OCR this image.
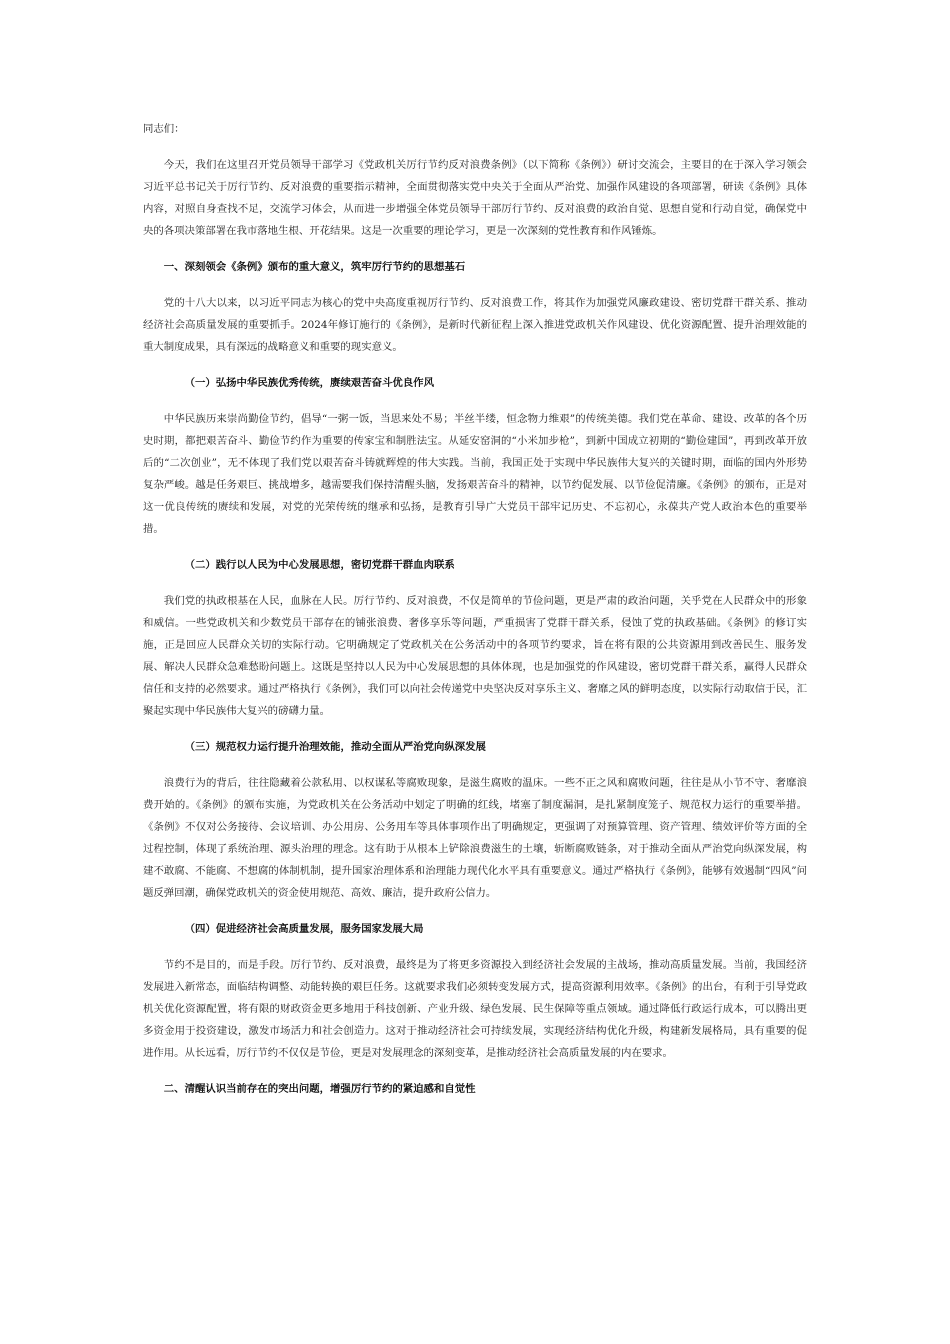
同志们：

今天，我们在这里召开党员领导干部学习《党政机关厉行节约反对浪费条例》（以下简称《条例》）研讨交流会，主要目的在于深入学习领会习近平总书记关于厉行节约、反对浪费的重要指示精神，全面贯彻落实党中央关于全面从严治党、加强作风建设的各项部署，研读《条例》具体内容，对照自身查找不足，交流学习体会，从而进一步增强全体党员领导干部厉行节约、反对浪费的政治自觉、思想自觉和行动自觉，确保党中央的各项决策部署在我市落地生根、开花结果。这是一次重要的理论学习，更是一次深刻的党性教育和作风锤炼。

一、深刻领会《条例》颁布的重大意义，筑牢厉行节约的思想基石

党的十八大以来，以习近平同志为核心的党中央高度重视厉行节约、反对浪费工作，将其作为加强党风廉政建设、密切党群干群关系、推动经济社会高质量发展的重要抓手。2024年修订施行的《条例》，是新时代新征程上深入推进党政机关作风建设、优化资源配置、提升治理效能的重大制度成果，具有深远的战略意义和重要的现实意义。

（一）弘扬中华民族优秀传统，赓续艰苦奋斗优良作风

中华民族历来崇尚勤俭节约，倡导“一粥一饭，当思来处不易；半丝半缕，恒念物力维艰”的传统美德。我们党在革命、建设、改革的各个历史时期，都把艰苦奋斗、勤俭节约作为重要的传家宝和制胜法宝。从延安窑洞的“小米加步枪”，到新中国成立初期的“勤俭建国”，再到改革开放后的“二次创业”，无不体现了我们党以艰苦奋斗铸就辉煌的伟大实践。当前，我国正处于实现中华民族伟大复兴的关键时期，面临的国内外形势复杂严峻。越是任务艰巨、挑战增多，越需要我们保持清醒头脑，发扬艰苦奋斗的精神，以节约促发展、以节俭促清廉。《条例》的颁布，正是对这一优良传统的赓续和发展，对党的光荣传统的继承和弘扬，是教育引导广大党员干部牢记历史、不忘初心，永葆共产党人政治本色的重要举措。

（二）践行以人民为中心发展思想，密切党群干群血肉联系

我们党的执政根基在人民，血脉在人民。厉行节约、反对浪费，不仅是简单的节俭问题，更是严肃的政治问题，关乎党在人民群众中的形象和威信。一些党政机关和少数党员干部存在的铺张浪费、奢侈享乐等问题，严重损害了党群干群关系，侵蚀了党的执政基础。《条例》的修订实施，正是回应人民群众关切的实际行动。它明确规定了党政机关在公务活动中的各项节约要求，旨在将有限的公共资源用到改善民生、服务发展、解决人民群众急难愁盼问题上。这既是坚持以人民为中心发展思想的具体体现，也是加强党的作风建设，密切党群干群关系，赢得人民群众信任和支持的必然要求。通过严格执行《条例》，我们可以向社会传递党中央坚决反对享乐主义、奢靡之风的鲜明态度，以实际行动取信于民，汇聚起实现中华民族伟大复兴的磅礴力量。

（三）规范权力运行提升治理效能，推动全面从严治党向纵深发展

浪费行为的背后，往往隐藏着公款私用、以权谋私等腐败现象，是滋生腐败的温床。一些不正之风和腐败问题，往往是从小节不守、奢靡浪费开始的。《条例》的颁布实施，为党政机关在公务活动中划定了明确的红线，堵塞了制度漏洞，是扎紧制度笼子、规范权力运行的重要举措。《条例》不仅对公务接待、会议培训、办公用房、公务用车等具体事项作出了明确规定，更强调了对预算管理、资产管理、绩效评价等方面的全过程控制，体现了系统治理、源头治理的理念。这有助于从根本上铲除浪费滋生的土壤，斩断腐败链条，对于推动全面从严治党向纵深发展，构建不敢腐、不能腐、不想腐的体制机制，提升国家治理体系和治理能力现代化水平具有重要意义。通过严格执行《条例》，能够有效遏制“四风”问题反弹回潮，确保党政机关的资金使用规范、高效、廉洁，提升政府公信力。

（四）促进经济社会高质量发展，服务国家发展大局

节约不是目的，而是手段。厉行节约、反对浪费，最终是为了将更多资源投入到经济社会发展的主战场，推动高质量发展。当前，我国经济发展进入新常态，面临结构调整、动能转换的艰巨任务。这就要求我们必须转变发展方式，提高资源利用效率。《条例》的出台，有利于引导党政机关优化资源配置，将有限的财政资金更多地用于科技创新、产业升级、绿色发展、民生保障等重点领域。通过降低行政运行成本，可以腾出更多资金用于投资建设，激发市场活力和社会创造力。这对于推动经济社会可持续发展，实现经济结构优化升级，构建新发展格局，具有重要的促进作用。从长远看，厉行节约不仅仅是节俭，更是对发展理念的深刻变革，是推动经济社会高质量发展的内在要求。

二、清醒认识当前存在的突出问题，增强厉行节约的紧迫感和自觉性
